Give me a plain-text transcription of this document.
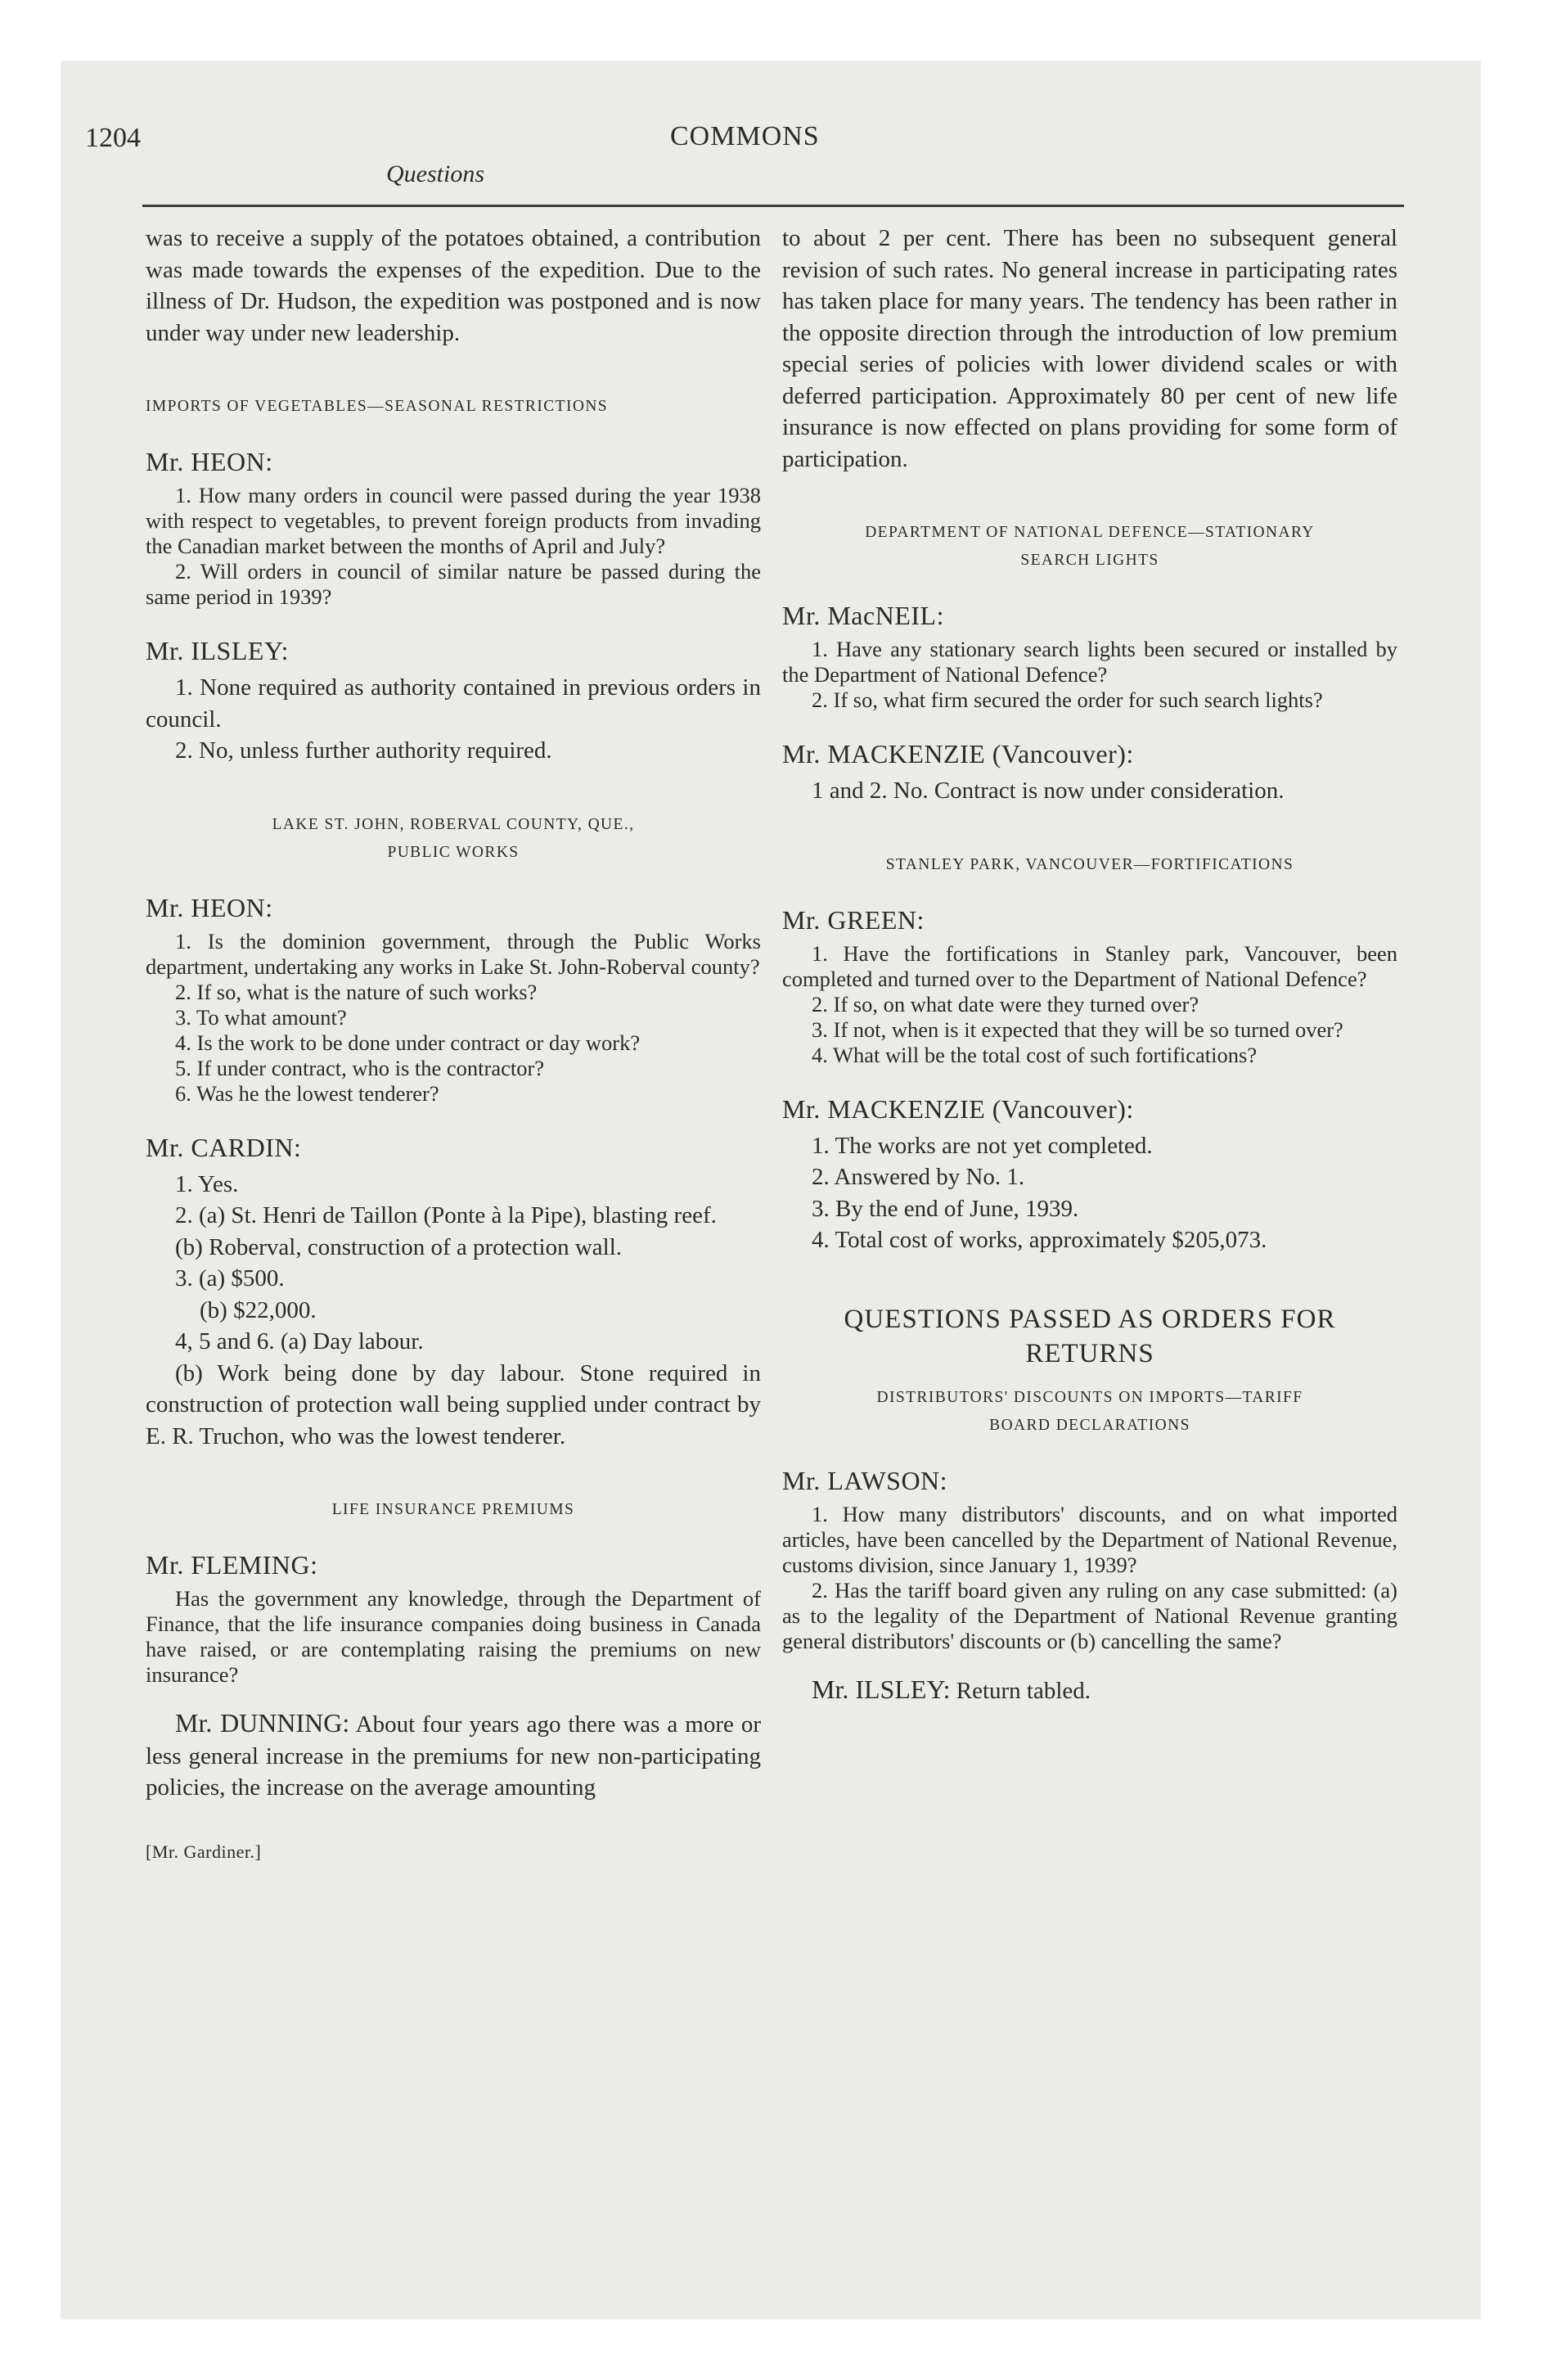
1204	COMMONS
Questions

was to receive a supply of the potatoes obtained, a contribution was made towards the expenses of the expedition. Due to the illness of Dr. Hudson, the expedition was postponed and is now under way under new leadership.

IMPORTS OF VEGETABLES—SEASONAL RESTRICTIONS

Mr. HEON:

1. How many orders in council were passed during the year 1938 with respect to vegetables, to prevent foreign products from invading the Canadian market between the months of April and July?

2. Will orders in council of similar nature be passed during the same period in 1939?

Mr. ILSLEY:

1. None required as authority contained in previous orders in council.

2. No, unless further authority required.

LAKE ST. JOHN, ROBERVAL COUNTY, QUE.,
PUBLIC WORKS

Mr. HEON:

1. Is the dominion government, through the Public Works department, undertaking any works in Lake St. John-Roberval county?

2. If so, what is the nature of such works?

3. To what amount?

4. Is the work to be done under contract or day work?

5. If under contract, who is the contractor?

6. Was he the lowest tenderer?

Mr. CARDIN:

1. Yes.

2. (a) St. Henri de Taillon (Ponte à la Pipe), blasting reef.

(b) Roberval, construction of a protection wall.

3. (a) $500.

(b) $22,000.

4, 5 and 6. (a) Day labour.

(b) Work being done by day labour. Stone required in construction of protection wall being supplied under contract by E. R. Truchon, who was the lowest tenderer.

LIFE INSURANCE PREMIUMS

Mr. FLEMING:

Has the government any knowledge, through the Department of Finance, that the life insurance companies doing business in Canada have raised, or are contemplating raising the premiums on new insurance?

Mr. DUNNING: About four years ago there was a more or less general increase in the premiums for new non-participating policies, the increase on the average amounting

[Mr. Gardiner.]

to about 2 per cent. There has been no subsequent general revision of such rates. No general increase in participating rates has taken place for many years. The tendency has been rather in the opposite direction through the introduction of low premium special series of policies with lower dividend scales or with deferred participation. Approximately 80 per cent of new life insurance is now effected on plans providing for some form of participation.

DEPARTMENT OF NATIONAL DEFENCE—STATIONARY
SEARCH LIGHTS

Mr. MacNEIL:

1. Have any stationary search lights been secured or installed by the Department of National Defence?

2. If so, what firm secured the order for such search lights?

Mr. MACKENZIE (Vancouver):

1 and 2. No. Contract is now under consideration.

STANLEY PARK, VANCOUVER—FORTIFICATIONS

Mr. GREEN:

1. Have the fortifications in Stanley park, Vancouver, been completed and turned over to the Department of National Defence?

2. If so, on what date were they turned over?

3. If not, when is it expected that they will be so turned over?

4. What will be the total cost of such fortifications?

Mr. MACKENZIE (Vancouver):

1. The works are not yet completed.

2. Answered by No. 1.

3. By the end of June, 1939.

4. Total cost of works, approximately $205,073.

QUESTIONS PASSED AS ORDERS FOR
RETURNS
DISTRIBUTORS' DISCOUNTS ON IMPORTS—TARIFF
BOARD DECLARATIONS

Mr. LAWSON:

1. How many distributors' discounts, and on what imported articles, have been cancelled by the Department of National Revenue, customs division, since January 1, 1939?

2. Has the tariff board given any ruling on any case submitted: (a) as to the legality of the Department of National Revenue granting general distributors' discounts or (b) cancelling the same?

Mr. ILSLEY: Return tabled.
